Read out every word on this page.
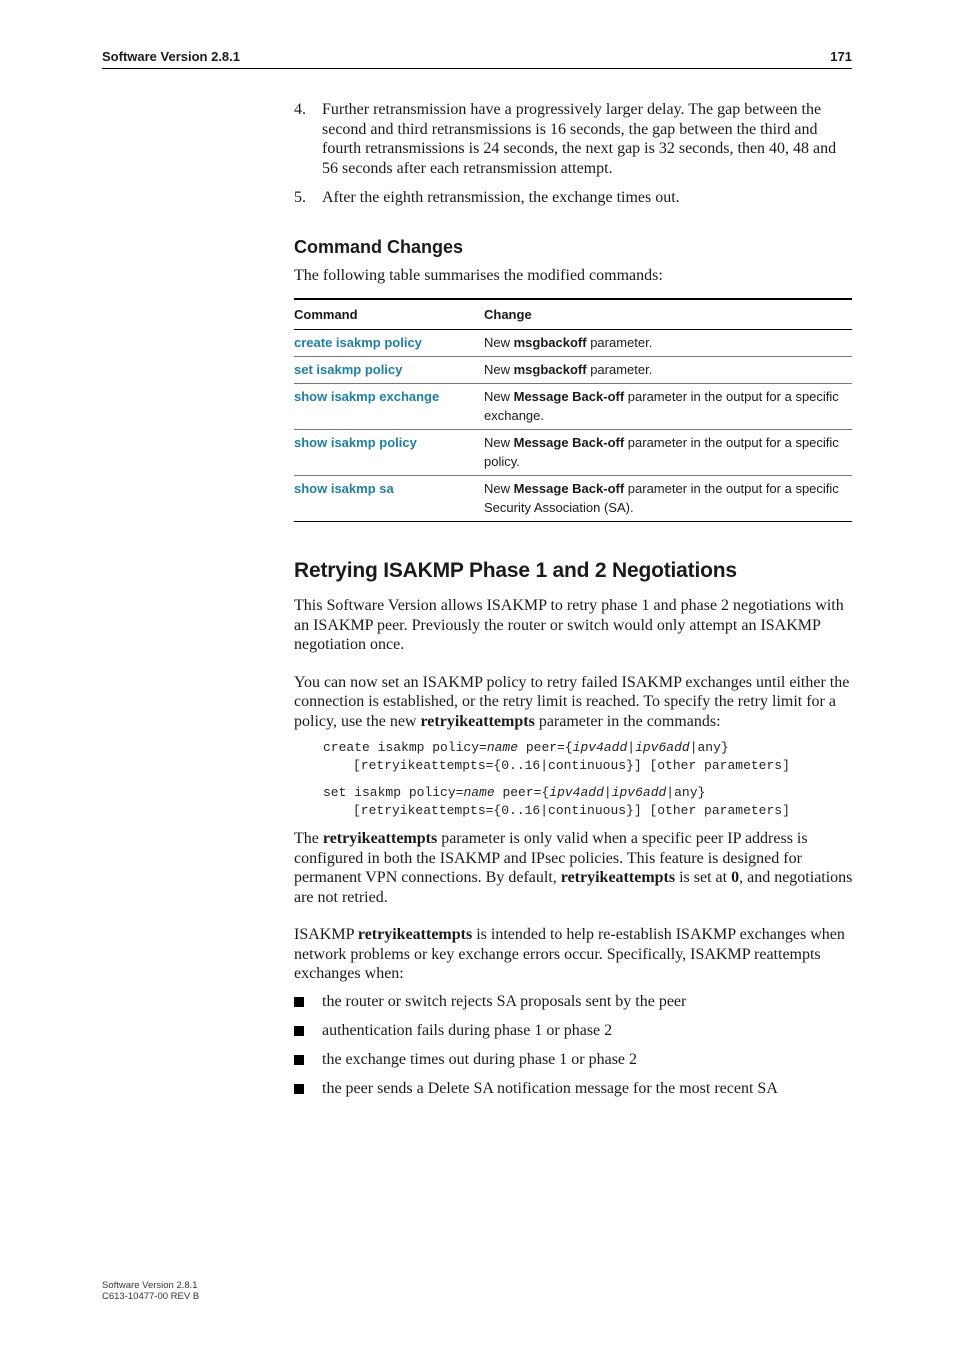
Software Version 2.8.1	171
4. Further retransmission have a progressively larger delay. The gap between the second and third retransmissions is 16 seconds, the gap between the third and fourth retransmissions is 24 seconds, the next gap is 32 seconds, then 40, 48 and 56 seconds after each retransmission attempt.
5. After the eighth retransmission, the exchange times out.
Command Changes
The following table summarises the modified commands:
Command	Change
create isakmp policy	New msgbackoff parameter.
set isakmp policy	New msgbackoff parameter.
show isakmp exchange	New Message Back-off parameter in the output for a specific exchange.
show isakmp policy	New Message Back-off parameter in the output for a specific policy.
show isakmp sa	New Message Back-off parameter in the output for a specific Security Association (SA).
Retrying ISAKMP Phase 1 and 2 Negotiations
This Software Version allows ISAKMP to retry phase 1 and phase 2 negotiations with an ISAKMP peer. Previously the router or switch would only attempt an ISAKMP negotiation once.
You can now set an ISAKMP policy to retry failed ISAKMP exchanges until either the connection is established, or the retry limit is reached. To specify the retry limit for a policy, use the new retryikeattempts parameter in the commands:
create isakmp policy=name peer={ipv4add|ipv6add|any}
[retryikeattempts={0..16|continuous}] [other parameters]
set isakmp policy=name peer={ipv4add|ipv6add|any}
[retryikeattempts={0..16|continuous}] [other parameters]
The retryikeattempts parameter is only valid when a specific peer IP address is configured in both the ISAKMP and IPsec policies. This feature is designed for permanent VPN connections. By default, retryikeattempts is set at 0, and negotiations are not retried.
ISAKMP retryikeattempts is intended to help re-establish ISAKMP exchanges when network problems or key exchange errors occur. Specifically, ISAKMP reattempts exchanges when:
the router or switch rejects SA proposals sent by the peer
authentication fails during phase 1 or phase 2
the exchange times out during phase 1 or phase 2
the peer sends a Delete SA notification message for the most recent SA
Software Version 2.8.1
C613-10477-00 REV B
